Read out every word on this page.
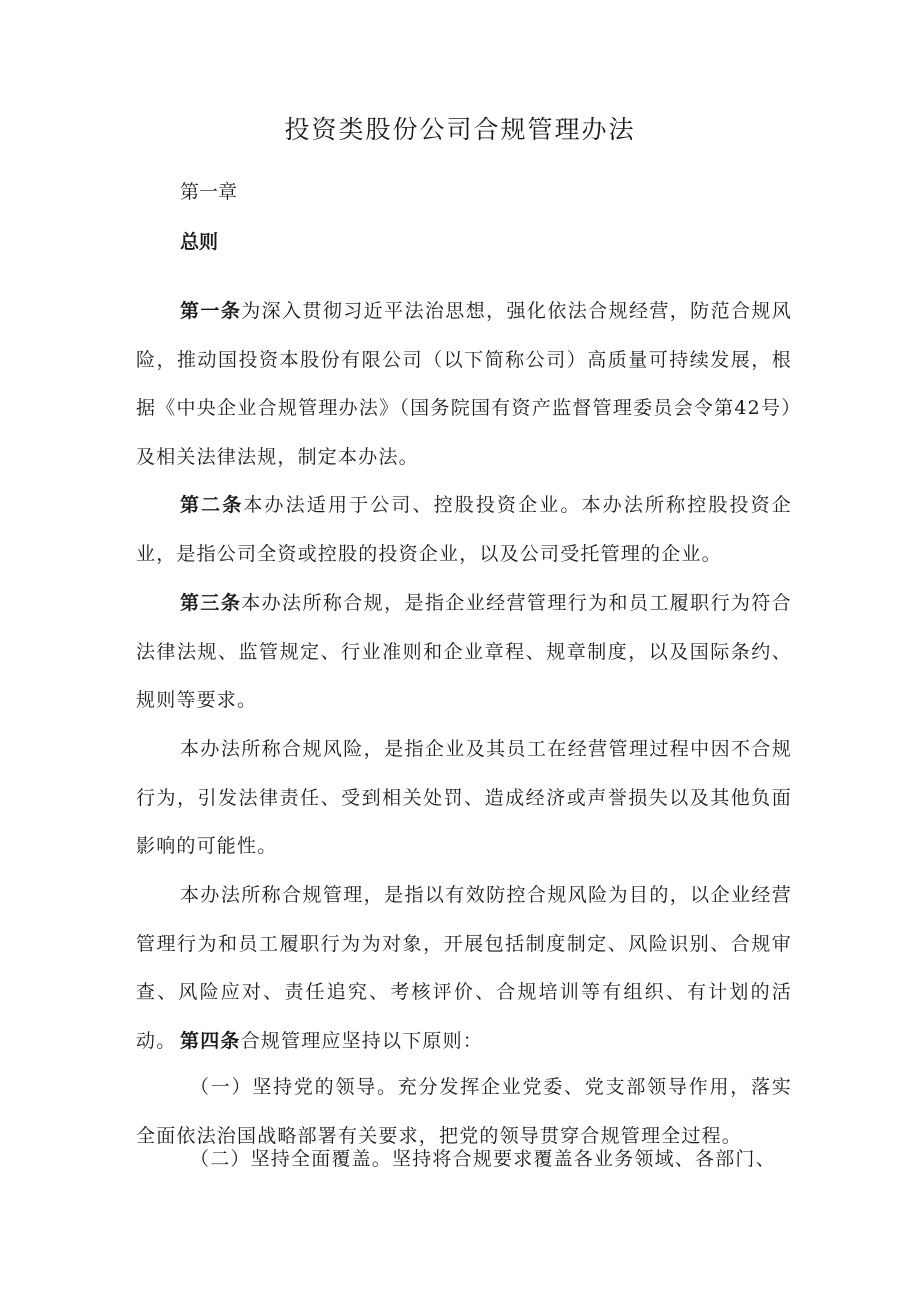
投资类股份公司合规管理办法
第一章
总则

第一条为深入贯彻习近平法治思想，强化依法合规经营，防范合规风险，推动国投资本股份有限公司（以下简称公司）高质量可持续发展，根据《中央企业合规管理办法》（国务院国有资产监督管理委员会令第42号）及相关法律法规，制定本办法。

第二条本办法适用于公司、控股投资企业。本办法所称控股投资企业，是指公司全资或控股的投资企业，以及公司受托管理的企业。

第三条本办法所称合规，是指企业经营管理行为和员工履职行为符合法律法规、监管规定、行业准则和企业章程、规章制度，以及国际条约、规则等要求。

本办法所称合规风险，是指企业及其员工在经营管理过程中因不合规行为，引发法律责任、受到相关处罚、造成经济或声誉损失以及其他负面影响的可能性。

本办法所称合规管理，是指以有效防控合规风险为目的，以企业经营管理行为和员工履职行为为对象，开展包括制度制定、风险识别、合规审查、风险应对、责任追究、考核评价、合规培训等有组织、有计划的活动。 第四条合规管理应坚持以下原则：

（一）坚持党的领导。充分发挥企业党委、党支部领导作用，落实全面依法治国战略部署有关要求，把党的领导贯穿合规管理全过程。

（二）坚持全面覆盖。坚持将合规要求覆盖各业务领域、各部门、
